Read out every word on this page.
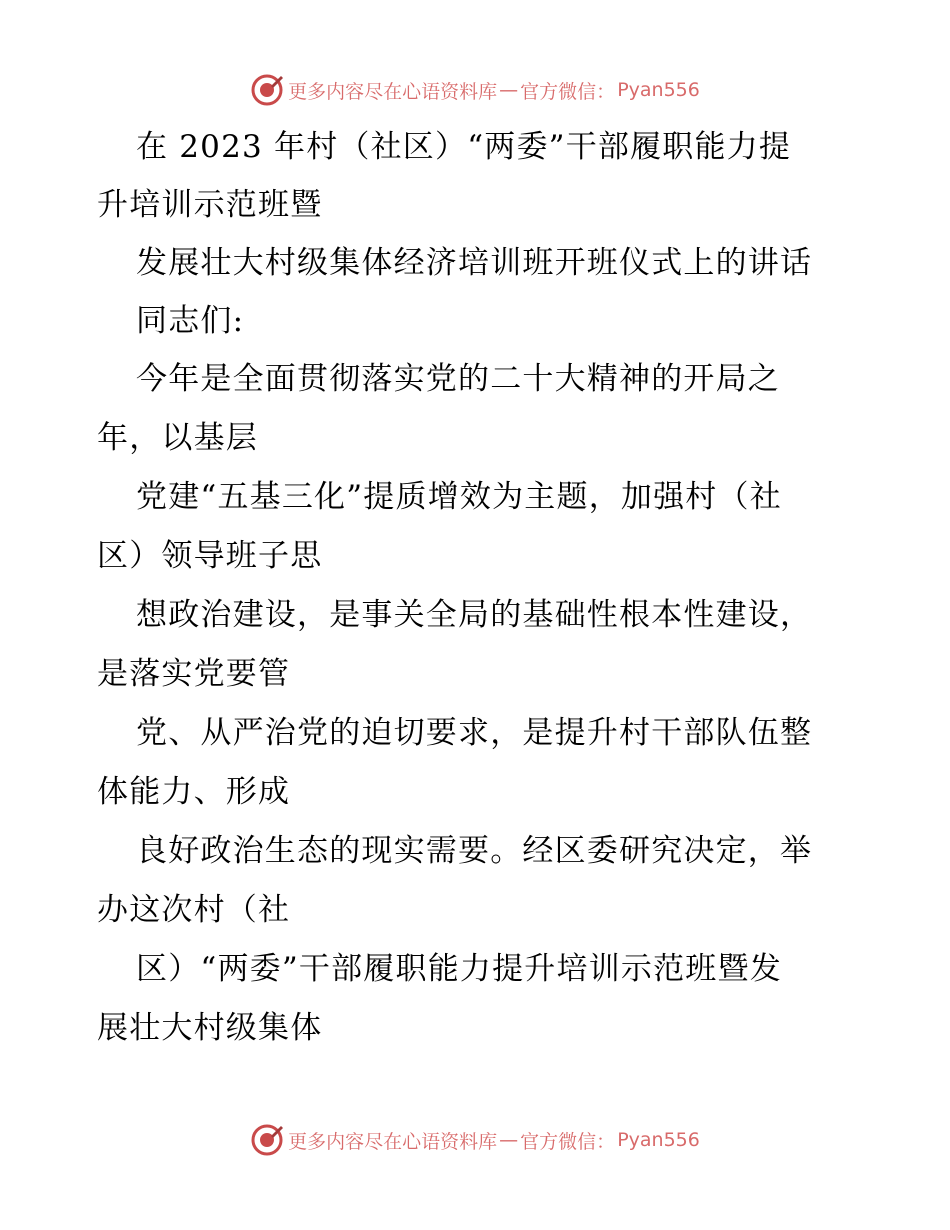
更多内容尽在心语资料库 — 官方微信： Pyan556
在 2023 年村（社区）“两委”干部履职能力提
升培训示范班暨
发展壮大村级集体经济培训班开班仪式上的讲话
同志们:
今年是全面贯彻落实党的二十大精神的开局之
年，以基层
党建“五基三化”提质增效为主题，加强村（社
区）领导班子思
想政治建设，是事关全局的基础性根本性建设，
是落实党要管
党、从严治党的迫切要求，是提升村干部队伍整
体能力、形成
良好政治生态的现实需要。经区委研究决定，举
办这次村（社
区）“两委”干部履职能力提升培训示范班暨发
展壮大村级集体
更多内容尽在心语资料库 — 官方微信： Pyan556
